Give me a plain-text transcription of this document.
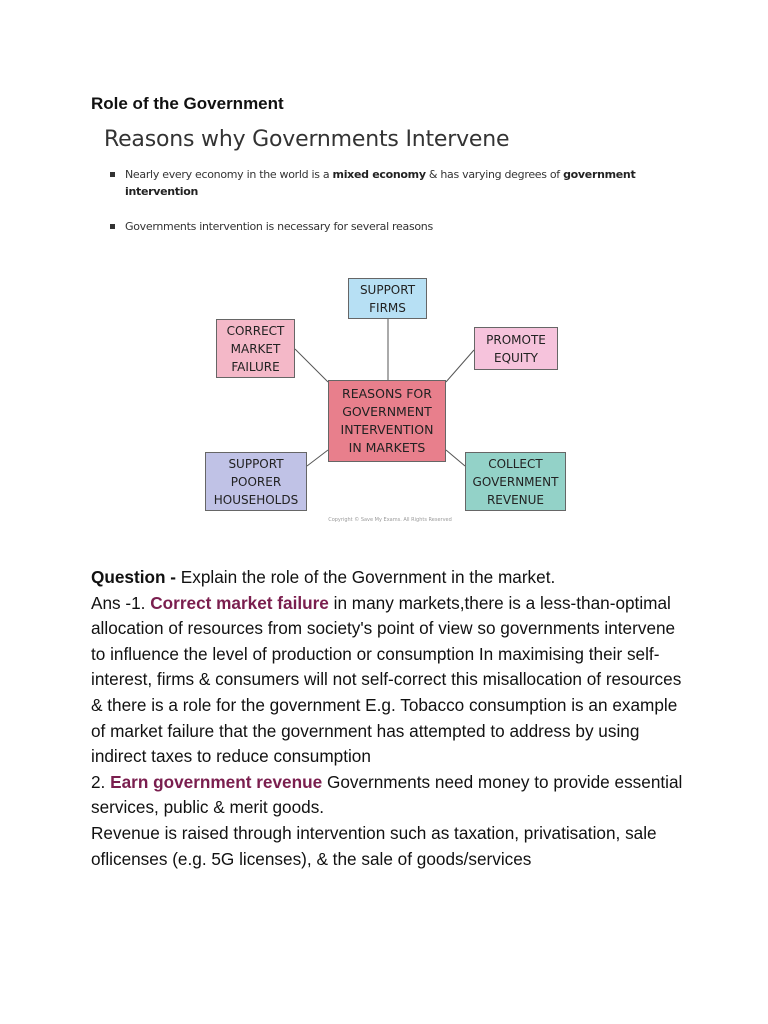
Role of the Government
Reasons why Governments Intervene
Nearly every economy in the world is a mixed economy & has varying degrees of government intervention
Governments intervention is necessary for several reasons
SUPPORT
FIRMS
CORRECT
MARKET
FAILURE
PROMOTE
EQUITY
REASONS FOR
GOVERNMENT
INTERVENTION
IN MARKETS
SUPPORT
POORER
HOUSEHOLDS
COLLECT
GOVERNMENT
REVENUE
Copyright © Save My Exams. All Rights Reserved

Question - Explain the role of the Government in the market.

Ans -1. Correct market failure in many markets,there is a less-than-optimal allocation of resources from society's point of view so governments intervene to influence the level of production or consumption In maximising their self-interest, firms & consumers will not self-correct this misallocation of resources & there is a role for the government E.g. Tobacco consumption is an example of market failure that the government has attempted to address by using indirect taxes to reduce consumption

2. Earn government revenue Governments need money to provide essential services, public & merit goods.

Revenue is raised through intervention such as taxation, privatisation, sale oflicenses (e.g. 5G licenses), & the sale of goods/services
